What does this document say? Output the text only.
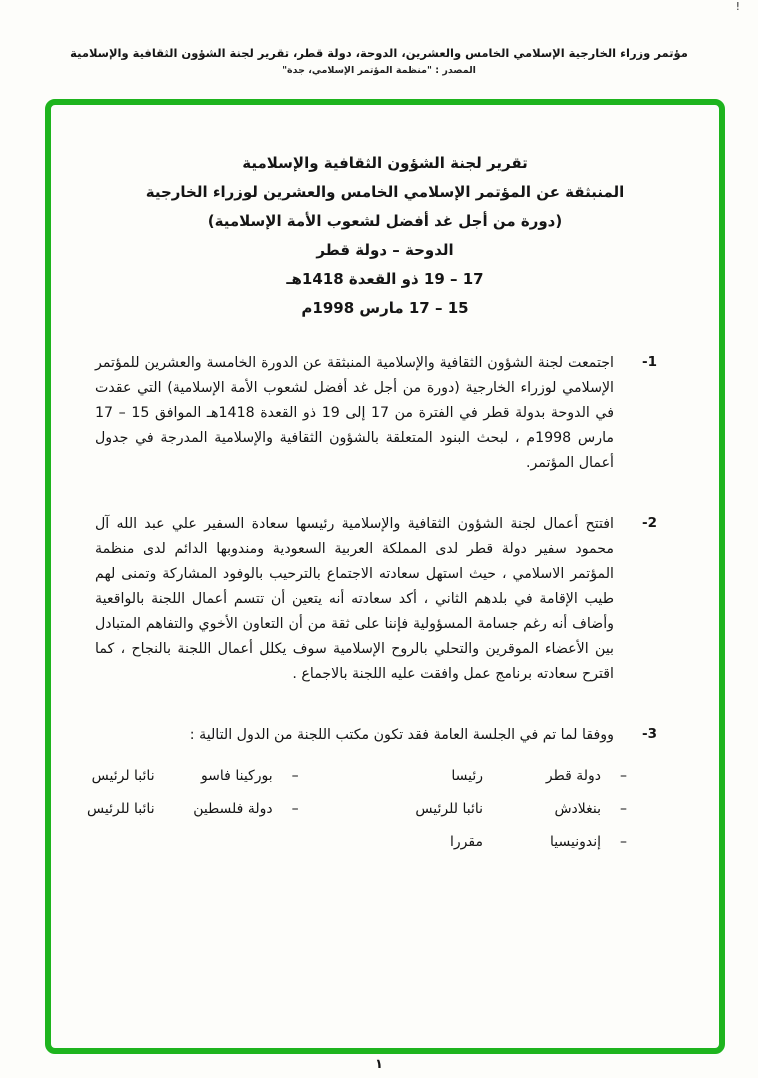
!
مؤتمر وزراء الخارجية الإسلامي الخامس والعشرين، الدوحة، دولة قطر، تقرير لجنة الشؤون الثقافية والإسلامية
المصدر : "منظمة المؤتمر الإسلامي، جدة"
تقرير لجنة الشؤون الثقافية والإسلامية
المنبثقة عن المؤتمر الإسلامي الخامس والعشرين لوزراء الخارجية
(دورة من أجل غد أفضل لشعوب الأمة الإسلامية)
الدوحة – دولة قطر
17 – 19 ذو القعدة 1418هـ
15 – 17 مارس 1998م
-1
اجتمعت لجنة الشؤون الثقافية والإسلامية المنبثقة عن الدورة الخامسة والعشرين للمؤتمر الإسلامي لوزراء الخارجية (دورة من أجل غد أفضل لشعوب الأمة الإسلامية) التي عقدت في الدوحة بدولة قطر في الفترة من 17 إلى 19 ذو القعدة 1418هـ الموافق 15 – 17 مارس 1998م ، لبحث البنود المتعلقة بالشؤون الثقافية والإسلامية المدرجة في جدول أعمال المؤتمر.
-2
افتتح أعمال لجنة الشؤون الثقافية والإسلامية رئيسها سعادة السفير علي عبد الله آل محمود سفير دولة قطر لدى المملكة العربية السعودية ومندوبها الدائم لدى منظمة المؤتمر الاسلامي ، حيث استهل سعادته الاجتماع بالترحيب بالوفود المشاركة وتمنى لهم طيب الإقامة في بلدهم الثاني ، أكد سعادته أنه يتعين أن تتسم أعمال اللجنة بالواقعية وأضاف أنه رغم جسامة المسؤولية فإننا على ثقة من أن التعاون الأخوي والتفاهم المتبادل بين الأعضاء الموقرين والتحلي بالروح الإسلامية سوف يكلل أعمال اللجنة بالنجاح ، كما اقترح سعادته برنامج عمل وافقت عليه اللجنة بالاجماع .
-3
ووفقا لما تم في الجلسة العامة فقد تكون مكتب اللجنة من الدول التالية :
–
دولة قطر
رئيسا
–
بنغلادش
نائبا للرئيس
–
إندونيسيا
مقررا
–
بوركينا فاسو
نائبا لرئيس
–
دولة فلسطين
نائبا للرئيس
١
